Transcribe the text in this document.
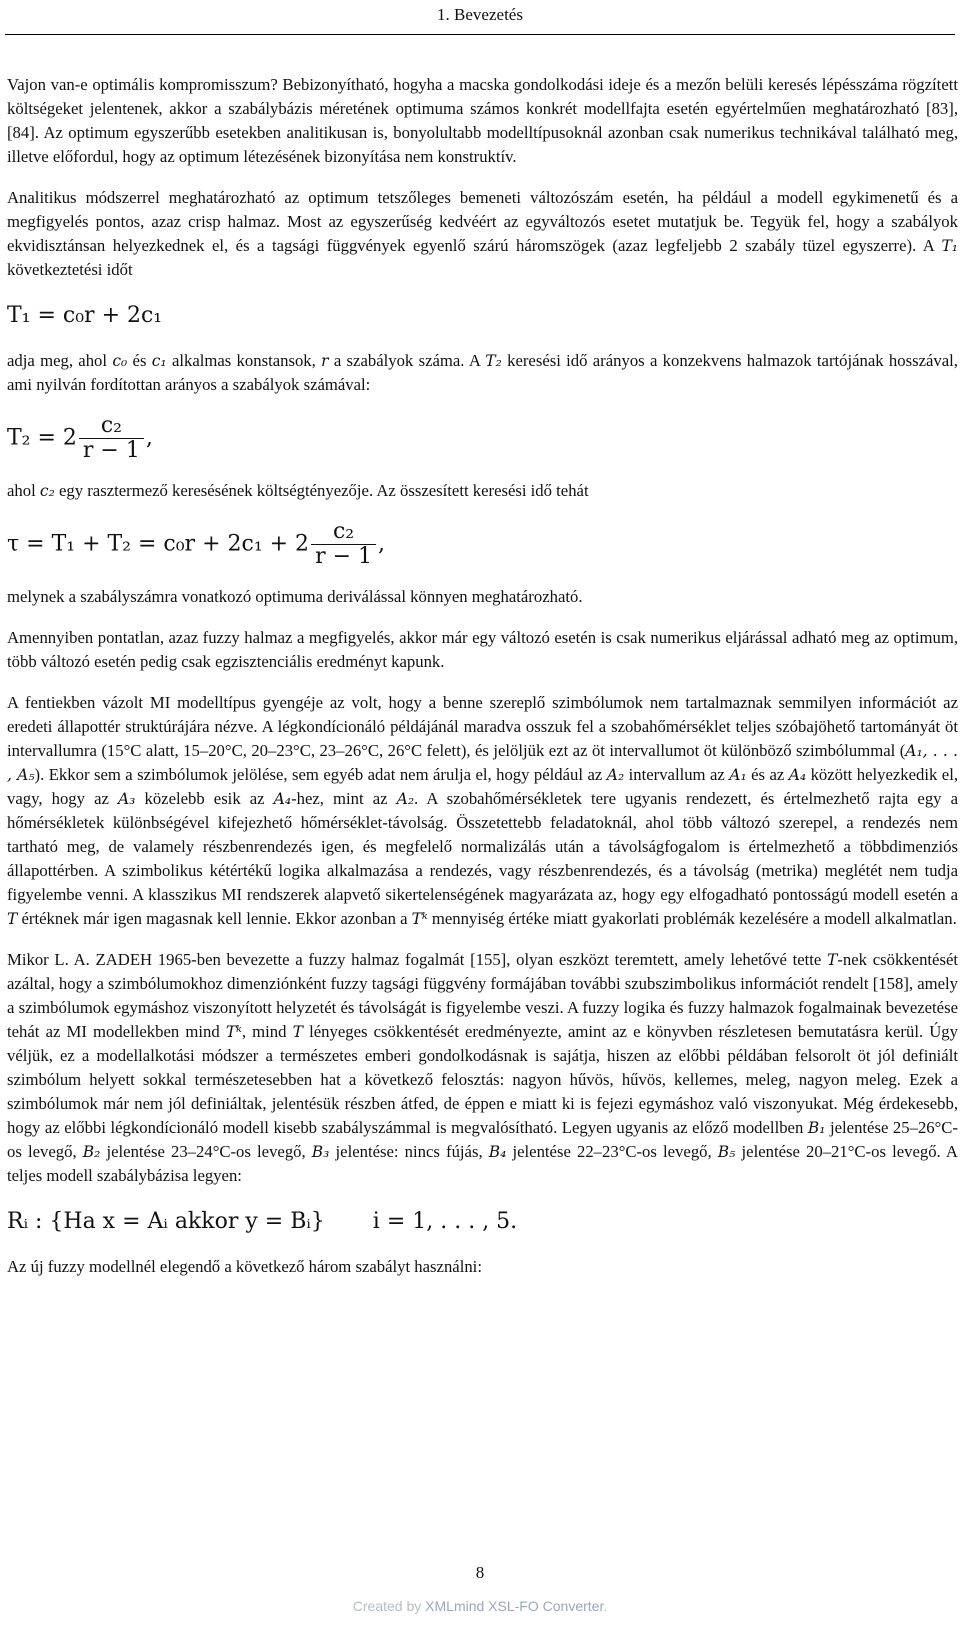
1. Bevezetés

Vajon van-e optimális kompromisszum? Bebizonyítható, hogyha a macska gondolkodási ideje és a mezőn belüli keresés lépésszáma rögzített költségeket jelentenek, akkor a szabálybázis méretének optimuma számos konkrét modellfajta esetén egyértelműen meghatározható [83], [84]. Az optimum egyszerűbb esetekben analitikusan is, bonyolultabb modelltípusoknál azonban csak numerikus technikával található meg, illetve előfordul, hogy az optimum létezésének bizonyítása nem konstruktív.

Analitikus módszerrel meghatározható az optimum tetszőleges bemeneti változószám esetén, ha például a modell egykimenetű és a megfigyelés pontos, azaz crisp halmaz. Most az egyszerűség kedvéért az egyváltozós esetet mutatjuk be. Tegyük fel, hogy a szabályok ekvidisztánsan helyezkednek el, és a tagsági függvények egyenlő szárú háromszögek (azaz legfeljebb 2 szabály tüzel egyszerre). A T₁ következtetési időt

T₁ = c₀r + 2c₁

adja meg, ahol c₀ és c₁ alkalmas konstansok, r a szabályok száma. A T₂ keresési idő arányos a konzekvens halmazok tartójának hosszával, ami nyilván fordítottan arányos a szabályok számával:

$T_2 = 2 \frac{\text{c₂}}{r - 1}$ ,

ahol c₂ egy rasztermező keresésének költségtényezője. Az összesített keresési idő tehát

$\tau = T_1 + T_2 = c_0r + 2c_1 + 2 \frac{\text{c₂}}{r - 1}$ ,

melynek a szabályszámra vonatkozó optimuma deriválással könnyen meghatározható.

Amennyiben pontatlan, azaz fuzzy halmaz a megfigyelés, akkor már egy változó esetén is csak numerikus eljárással adható meg az optimum, több változó esetén pedig csak egzisztenciális eredményt kapunk.

A fentiekben vázolt MI modelltípus gyengéje az volt, hogy a benne szereplő szimbólumok nem tartalmaznak semmilyen információt az eredeti állapottér struktúrájára nézve. A légkondícionáló példájánál maradva osszuk fel a szobahőmérséklet teljes szóbajöhető tartományát öt intervallumra (15°C alatt, 15–20°C, 20–23°C, 23–26°C, 26°C felett), és jelöljük ezt az öt intervallumot öt különböző szimbólummal (A₁, . . . , A₅). Ekkor sem a szimbólumok jelölése, sem egyéb adat nem árulja el, hogy például az A₂ intervallum az A₁ és az A₄ között helyezkedik el, vagy, hogy az A₃ közelebb esik az A₄-hez, mint az A₂. A szobahőmérsékletek tere ugyanis rendezett, és értelmezhető rajta egy a hőmérsékletek különbségével kifejezhető hőmérséklet-távolság. Összetettebb feladatoknál, ahol több változó szerepel, a rendezés nem tartható meg, de valamely részbenrendezés igen, és megfelelő normalizálás után a távolságfogalom is értelmezhető a többdimenziós állapottérben. A szimbolikus kétértékű logika alkalmazása a rendezés, vagy részbenrendezés, és a távolság (metrika) meglétét nem tudja figyelembe venni. A klasszikus MI rendszerek alapvető sikertelenségének magyarázata az, hogy egy elfogadható pontosságú modell esetén a T értéknek már igen magasnak kell lennie. Ekkor azonban a Tᵏ mennyiség értéke miatt gyakorlati problémák kezelésére a modell alkalmatlan.

Mikor L. A. ZADEH 1965-ben bevezette a fuzzy halmaz fogalmát [155], olyan eszközt teremtett, amely lehetővé tette T-nek csökkentését azáltal, hogy a szimbólumokhoz dimenziónként fuzzy tagsági függvény formájában további szubszimbolikus információt rendelt [158], amely a szimbólumok egymáshoz viszonyított helyzetét és távolságát is figyelembe veszi. A fuzzy logika és fuzzy halmazok fogalmainak bevezetése tehát az MI modellekben mind Tᵏ, mind T lényeges csökkentését eredményezte, amint az e könyvben részletesen bemutatásra kerül. Úgy véljük, ez a modellalkotási módszer a természetes emberi gondolkodásnak is sajátja, hiszen az előbbi példában felsorolt öt jól definiált szimbólum helyett sokkal természetesebben hat a következő felosztás: nagyon hűvös, hűvös, kellemes, meleg, nagyon meleg. Ezek a szimbólumok már nem jól definiáltak, jelentésük részben átfed, de éppen e miatt ki is fejezi egymáshoz való viszonyukat. Még érdekesebb, hogy az előbbi légkondícionáló modell kisebb szabályszámmal is megvalósítható. Legyen ugyanis az előző modellben B₁ jelentése 25–26°C-os levegő, B₂ jelentése 23–24°C-os levegő, B₃ jelentése: nincs fújás, B₄ jelentése 22–23°C-os levegő, B₅ jelentése 20–21°C-os levegő. A teljes modell szabálybázisa legyen:

Rᵢ : {Ha x = Aᵢ akkor y = Bᵢ} i = 1, . . . , 5.

Az új fuzzy modellnél elegendő a következő három szabályt használni:

8
Created by XMLmind XSL-FO Converter.
